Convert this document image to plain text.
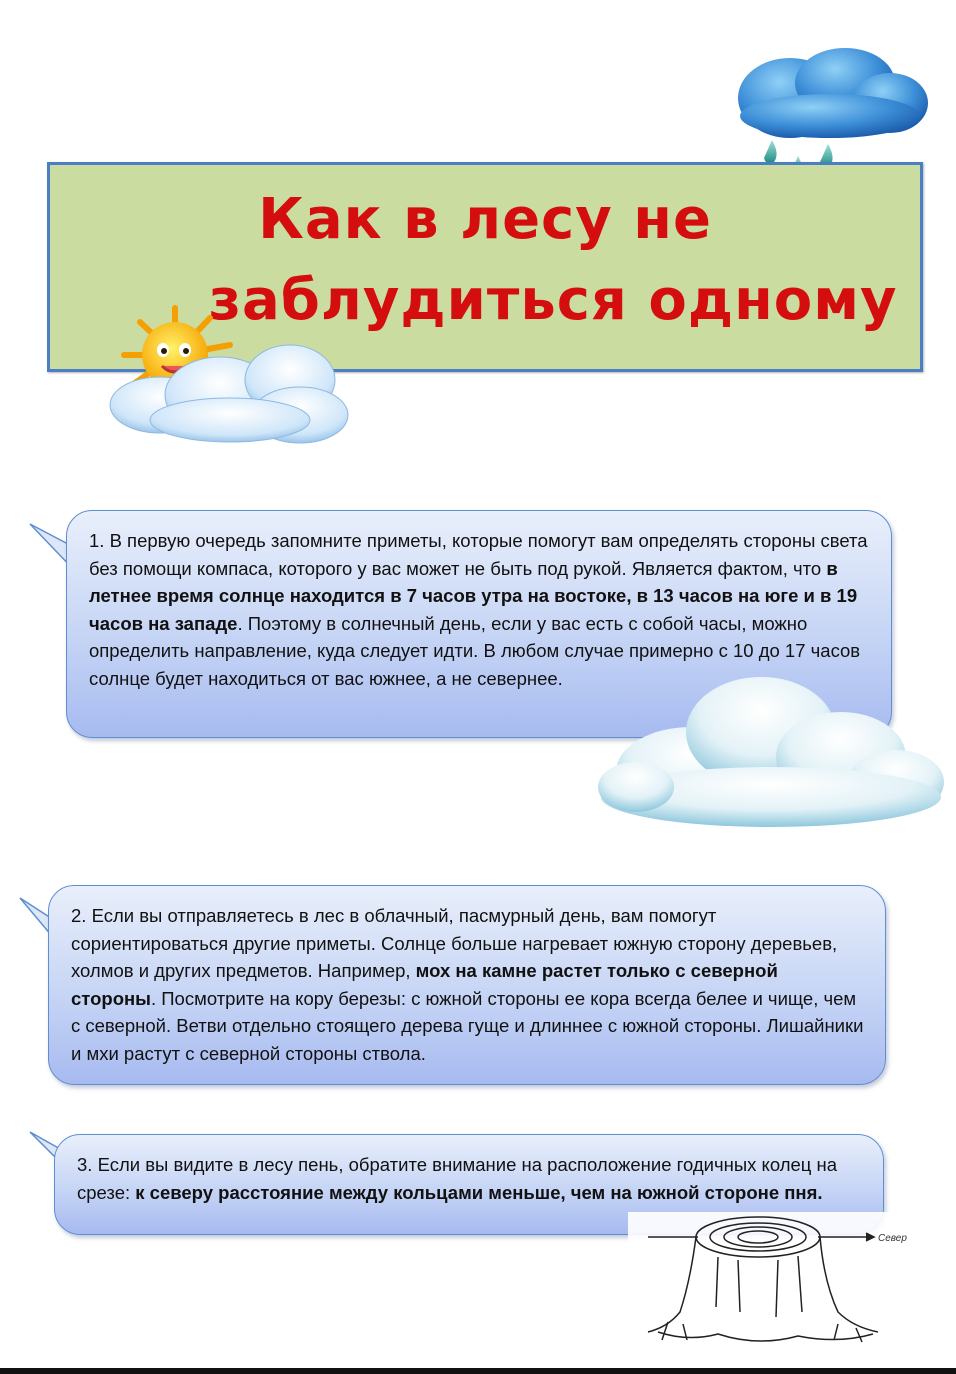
Как в лесу не
заблудиться одному

1. В первую очередь запомните приметы, которые помогут вам определять стороны света без помощи компаса, которого у вас может не быть под рукой. Является фактом, что в летнее время солнце находится в 7 часов утра на востоке, в 13 часов на юге и в 19 часов на западе. Поэтому в солнечный день, если у вас есть с собой часы, можно определить направление, куда следует идти. В любом случае примерно с 10 до 17 часов солнце будет находиться от вас южнее, а не севернее.

2. Если вы отправляетесь в лес в облачный, пасмурный день, вам помогут сориентироваться другие приметы. Солнце больше нагревает южную сторону деревьев, холмов и других предметов. Например, мох на камне растет только с северной стороны. Посмотрите на кору березы: с южной стороны ее кора всегда белее и чище, чем с северной. Ветви отдельно стоящего дерева гуще и длиннее с южной стороны. Лишайники и мхи растут с северной стороны ствола.

3. Если вы видите в лесу пень, обратите внимание на расположение годичных колец на срезе: к северу расстояние между кольцами меньше, чем на южной стороне пня.

Север
